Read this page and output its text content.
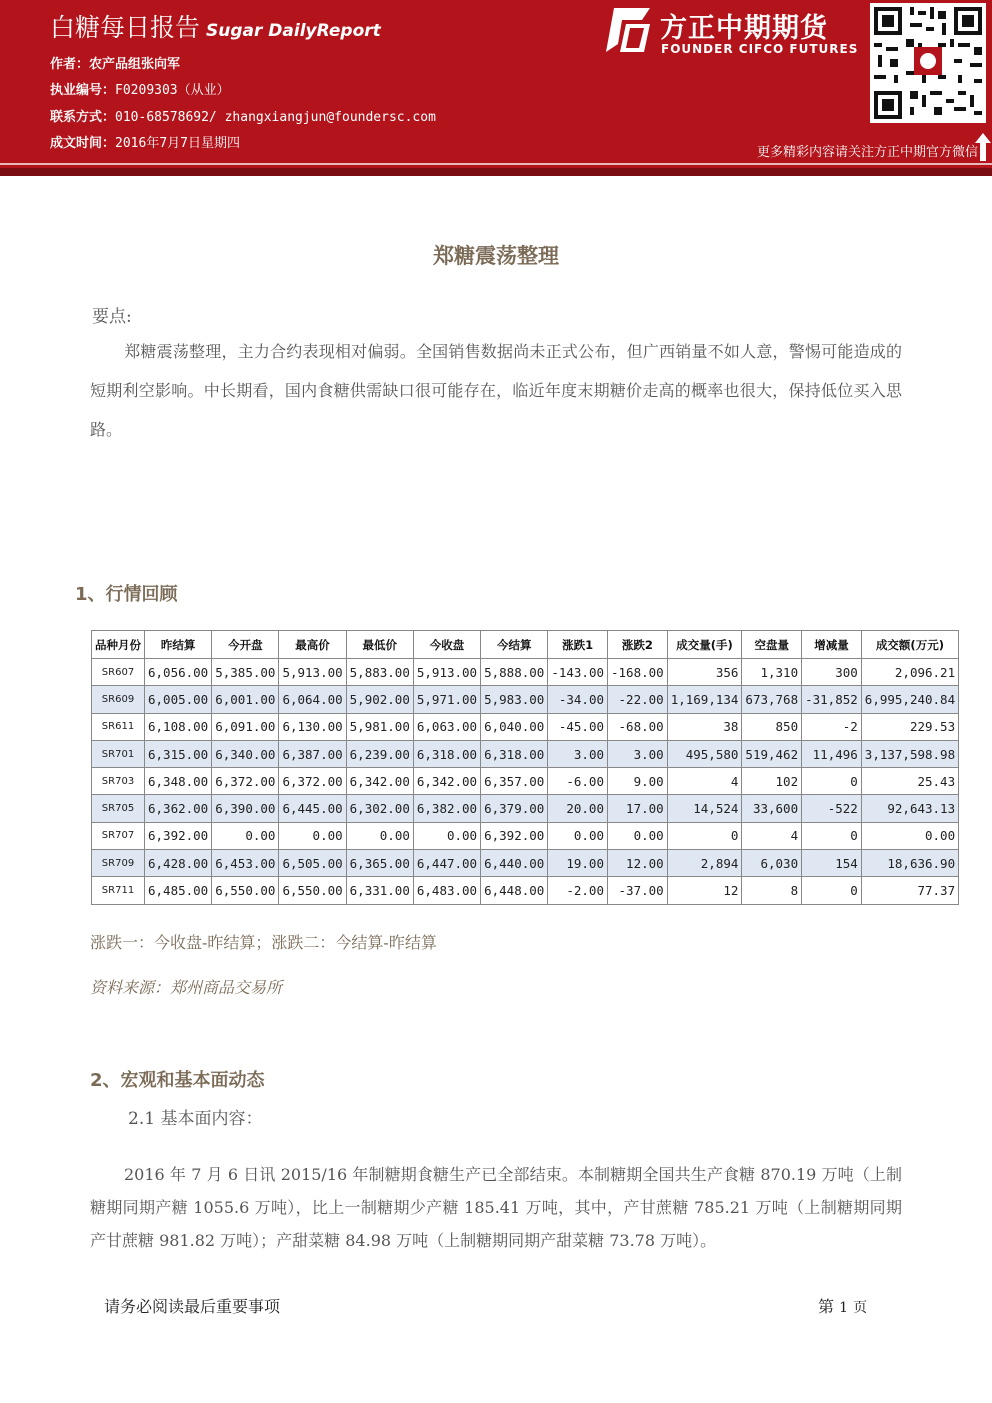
白糖每日报告 Sugar DailyReport
作者：农产品组张向军
执业编号：F0209303（从业）
联系方式：010-68578692/ zhangxiangjun@foundersc.com
成文时间：2016年7月7日星期四
方正中期期货
FOUNDER CIFCO FUTURES
更多精彩内容请关注方正中期官方微信
郑糖震荡整理
要点:
郑糖震荡整理，主力合约表现相对偏弱。全国销售数据尚未正式公布，但广西销量不如人意，警惕可能造成的短期利空影响。中长期看，国内食糖供需缺口很可能存在，临近年度末期糖价走高的概率也很大，保持低位买入思路。
1、行情回顾
品种月份	昨结算	今开盘	最高价	最低价	今收盘	今结算	涨跌1	涨跌2	成交量(手)	空盘量	增减量	成交额(万元)
SR607	6,056.00	5,385.00	5,913.00	5,883.00	5,913.00	5,888.00	-143.00	-168.00	356	1,310	300	2,096.21
SR609	6,005.00	6,001.00	6,064.00	5,902.00	5,971.00	5,983.00	-34.00	-22.00	1,169,134	673,768	-31,852	6,995,240.84
SR611	6,108.00	6,091.00	6,130.00	5,981.00	6,063.00	6,040.00	-45.00	-68.00	38	850	-2	229.53
SR701	6,315.00	6,340.00	6,387.00	6,239.00	6,318.00	6,318.00	3.00	3.00	495,580	519,462	11,496	3,137,598.98
SR703	6,348.00	6,372.00	6,372.00	6,342.00	6,342.00	6,357.00	-6.00	9.00	4	102	0	25.43
SR705	6,362.00	6,390.00	6,445.00	6,302.00	6,382.00	6,379.00	20.00	17.00	14,524	33,600	-522	92,643.13
SR707	6,392.00	0.00	0.00	0.00	0.00	6,392.00	0.00	0.00	0	4	0	0.00
SR709	6,428.00	6,453.00	6,505.00	6,365.00	6,447.00	6,440.00	19.00	12.00	2,894	6,030	154	18,636.90
SR711	6,485.00	6,550.00	6,550.00	6,331.00	6,483.00	6,448.00	-2.00	-37.00	12	8	0	77.37
涨跌一：今收盘-昨结算；涨跌二：今结算-昨结算
资料来源：郑州商品交易所
2、宏观和基本面动态
2.1 基本面内容：
2016 年 7 月 6 日讯 2015/16 年制糖期食糖生产已全部结束。本制糖期全国共生产食糖 870.19 万吨（上制糖期同期产糖 1055.6 万吨），比上一制糖期少产糖 185.41 万吨，其中，产甘蔗糖 785.21 万吨（上制糖期同期产甘蔗糖 981.82 万吨）；产甜菜糖 84.98 万吨（上制糖期同期产甜菜糖 73.78 万吨）。
请务必阅读最后重要事项	第 1 页
